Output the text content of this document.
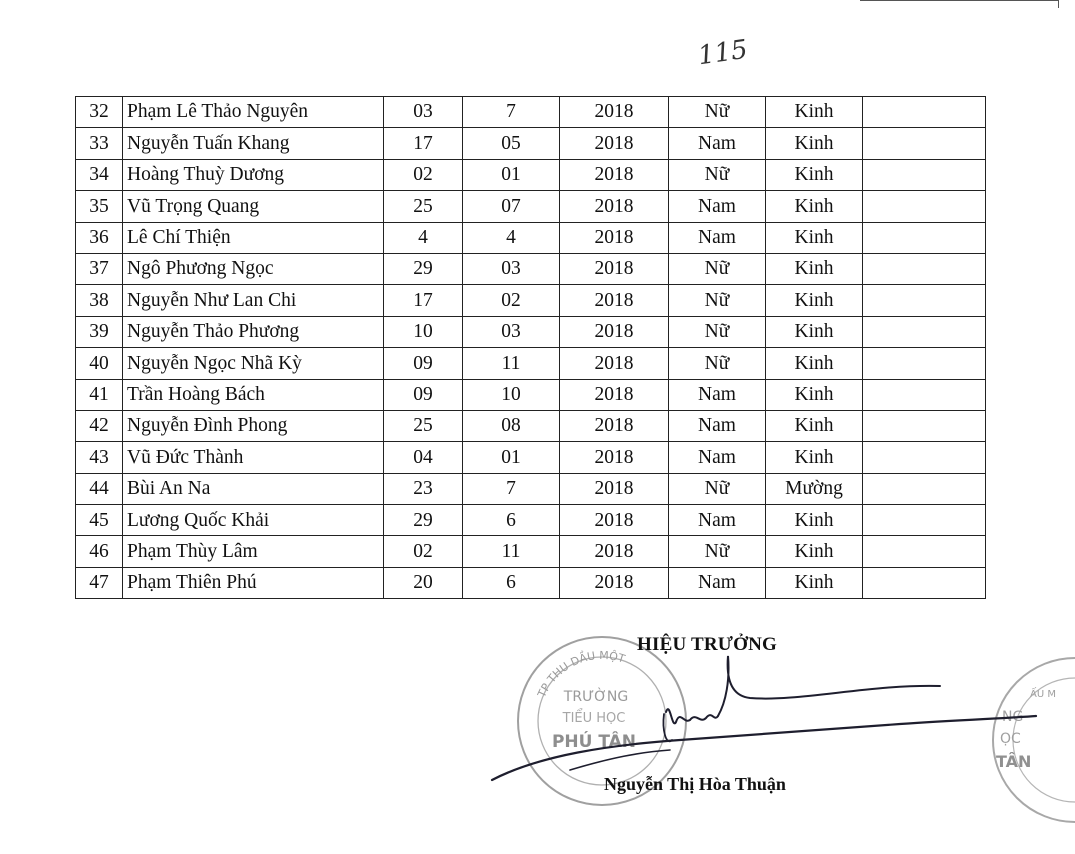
115
32	Phạm Lê Thảo Nguyên	03	7	2018	Nữ	Kinh	
33	Nguyễn Tuấn Khang	17	05	2018	Nam	Kinh	
34	Hoàng Thuỳ Dương	02	01	2018	Nữ	Kinh	
35	Vũ Trọng Quang	25	07	2018	Nam	Kinh	
36	Lê Chí Thiện	4	4	2018	Nam	Kinh	
37	Ngô Phương Ngọc	29	03	2018	Nữ	Kinh	
38	Nguyễn Như Lan Chi	17	02	2018	Nữ	Kinh	
39	Nguyễn Thảo Phương	10	03	2018	Nữ	Kinh	
40	Nguyễn Ngọc Nhã Kỳ	09	11	2018	Nữ	Kinh	
41	Trần Hoàng Bách	09	10	2018	Nam	Kinh	
42	Nguyễn Đình Phong	25	08	2018	Nam	Kinh	
43	Vũ Đức Thành	04	01	2018	Nam	Kinh	
44	Bùi An Na	23	7	2018	Nữ	Mường	
45	Lương Quốc Khải	29	6	2018	Nam	Kinh	
46	Phạm Thùy Lâm	02	11	2018	Nữ	Kinh	
47	Phạm Thiên Phú	20	6	2018	Nam	Kinh	
TP THU DẦU MỘT
TRƯỜNG
TIỂU HỌC
PHÚ TÂN
ẤU M
NG
ỌC
TÂN
HIỆU TRƯỞNG
Nguyễn Thị Hòa Thuận
